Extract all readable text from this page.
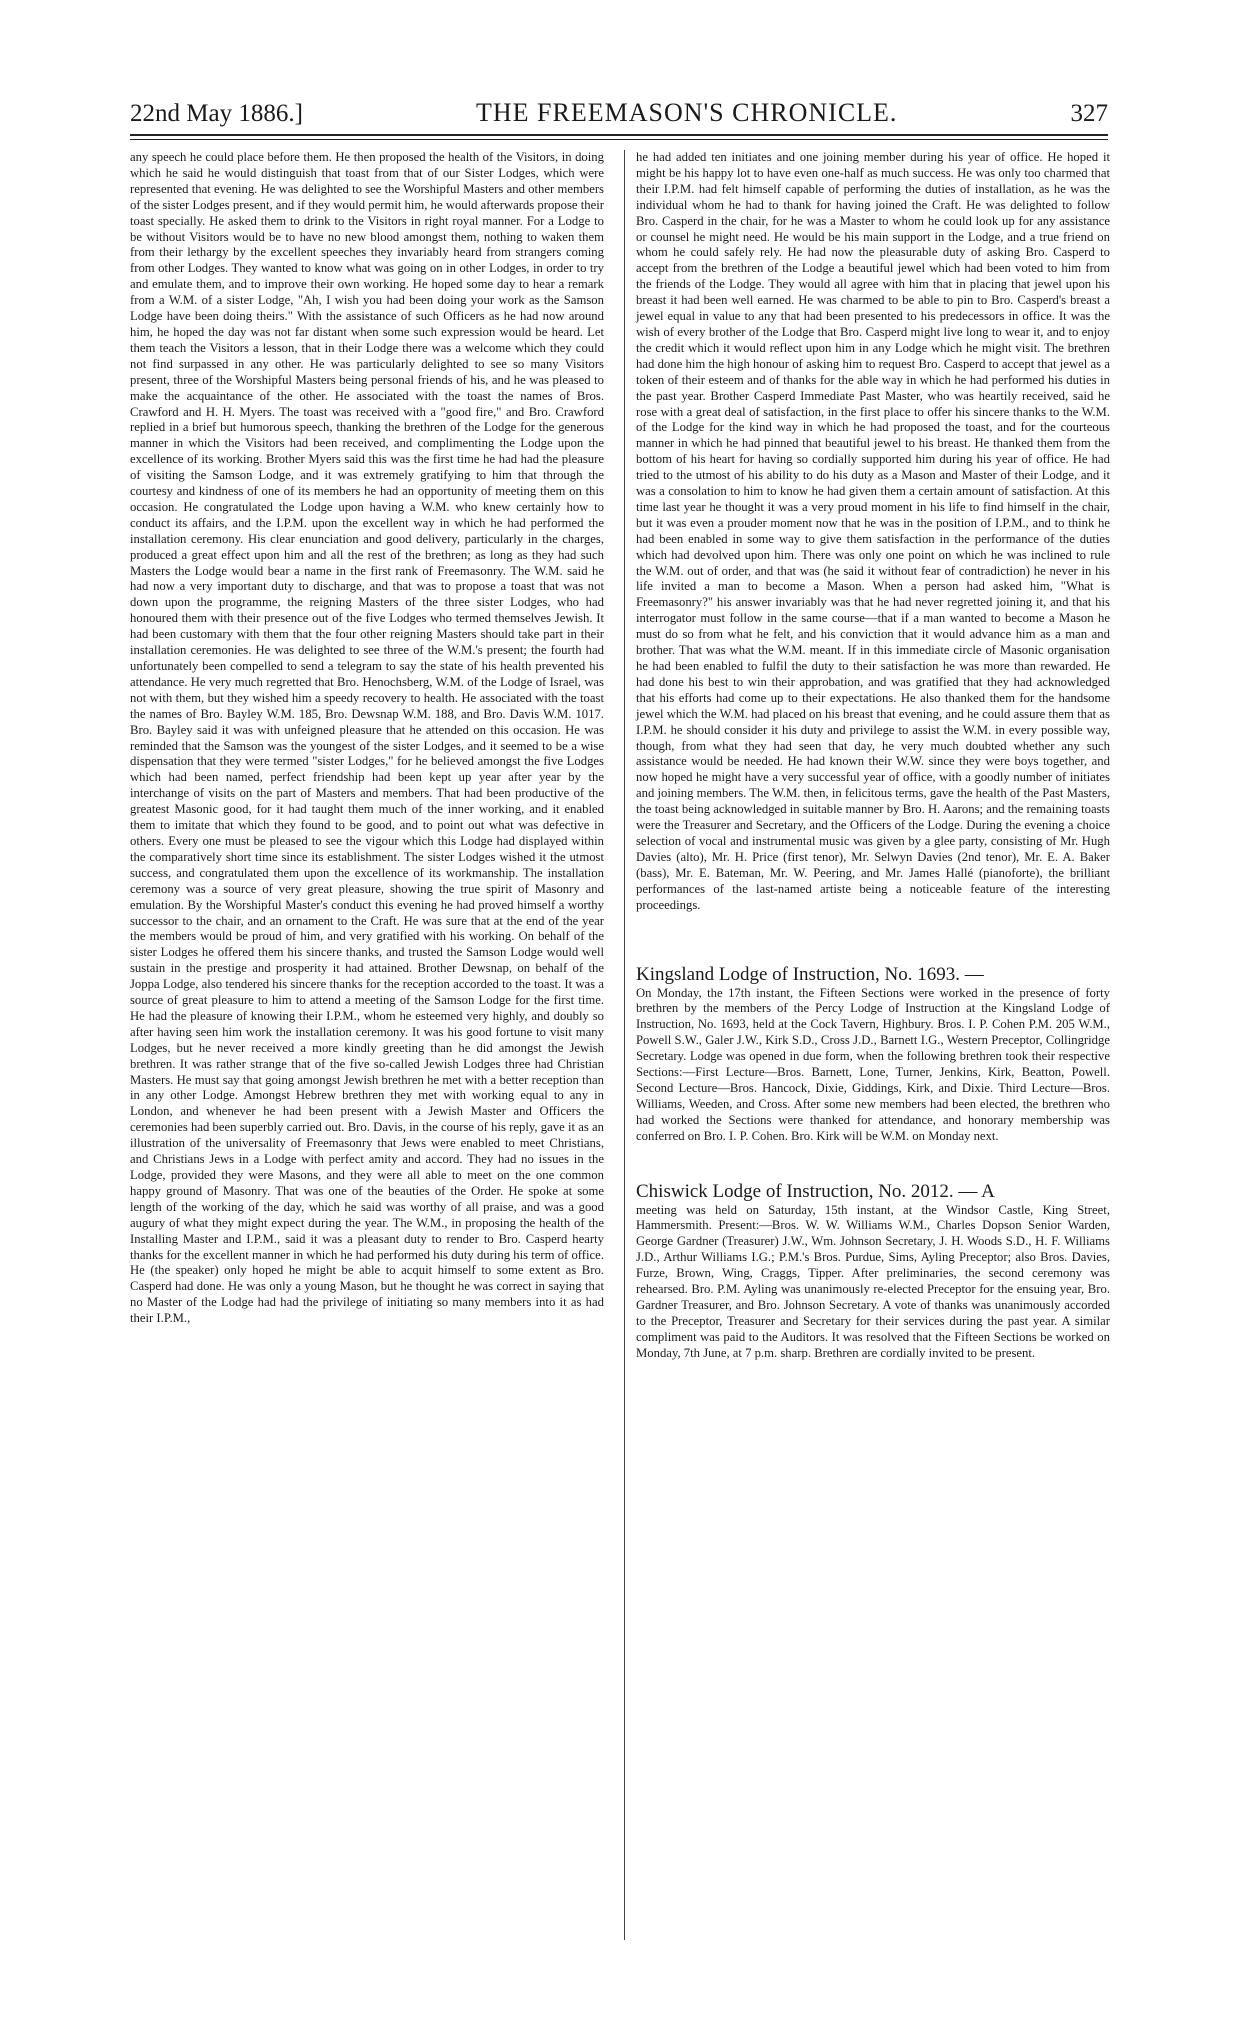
22nd May 1886.]	THE FREEMASON'S CHRONICLE.	327

any speech he could place before them. He then proposed the health of the Visitors, in doing which he said he would distinguish that toast from that of our Sister Lodges, which were represented that evening. He was delighted to see the Worshipful Masters and other members of the sister Lodges present, and if they would permit him, he would afterwards propose their toast specially. He asked them to drink to the Visitors in right royal manner. For a Lodge to be without Visitors would be to have no new blood amongst them, nothing to waken them from their lethargy by the excellent speeches they invariably heard from strangers coming from other Lodges. They wanted to know what was going on in other Lodges, in order to try and emulate them, and to improve their own working. He hoped some day to hear a remark from a W.M. of a sister Lodge, "Ah, I wish you had been doing your work as the Samson Lodge have been doing theirs." With the assistance of such Officers as he had now around him, he hoped the day was not far distant when some such expression would be heard. Let them teach the Visitors a lesson, that in their Lodge there was a welcome which they could not find surpassed in any other. He was particularly delighted to see so many Visitors present, three of the Worshipful Masters being personal friends of his, and he was pleased to make the acquaintance of the other. He associated with the toast the names of Bros. Crawford and H. H. Myers. The toast was received with a "good fire," and Bro. Crawford replied in a brief but humorous speech, thanking the brethren of the Lodge for the generous manner in which the Visitors had been received, and complimenting the Lodge upon the excellence of its working. Brother Myers said this was the first time he had had the pleasure of visiting the Samson Lodge, and it was extremely gratifying to him that through the courtesy and kindness of one of its members he had an opportunity of meeting them on this occasion. He congratulated the Lodge upon having a W.M. who knew certainly how to conduct its affairs, and the I.P.M. upon the excellent way in which he had performed the installation ceremony. His clear enunciation and good delivery, particularly in the charges, produced a great effect upon him and all the rest of the brethren; as long as they had such Masters the Lodge would bear a name in the first rank of Freemasonry. The W.M. said he had now a very important duty to discharge, and that was to propose a toast that was not down upon the programme, the reigning Masters of the three sister Lodges, who had honoured them with their presence out of the five Lodges who termed themselves Jewish. It had been customary with them that the four other reigning Masters should take part in their installation ceremonies. He was delighted to see three of the W.M.'s present; the fourth had unfortunately been compelled to send a telegram to say the state of his health prevented his attendance. He very much regretted that Bro. Henochsberg, W.M. of the Lodge of Israel, was not with them, but they wished him a speedy recovery to health. He associated with the toast the names of Bro. Bayley W.M. 185, Bro. Dewsnap W.M. 188, and Bro. Davis W.M. 1017. Bro. Bayley said it was with unfeigned pleasure that he attended on this occasion. He was reminded that the Samson was the youngest of the sister Lodges, and it seemed to be a wise dispensation that they were termed "sister Lodges," for he believed amongst the five Lodges which had been named, perfect friendship had been kept up year after year by the interchange of visits on the part of Masters and members. That had been productive of the greatest Masonic good, for it had taught them much of the inner working, and it enabled them to imitate that which they found to be good, and to point out what was defective in others. Every one must be pleased to see the vigour which this Lodge had displayed within the comparatively short time since its establishment. The sister Lodges wished it the utmost success, and congratulated them upon the excellence of its workmanship. The installation ceremony was a source of very great pleasure, showing the true spirit of Masonry and emulation. By the Worshipful Master's conduct this evening he had proved himself a worthy successor to the chair, and an ornament to the Craft. He was sure that at the end of the year the members would be proud of him, and very gratified with his working. On behalf of the sister Lodges he offered them his sincere thanks, and trusted the Samson Lodge would well sustain in the prestige and prosperity it had attained. Brother Dewsnap, on behalf of the Joppa Lodge, also tendered his sincere thanks for the reception accorded to the toast. It was a source of great pleasure to him to attend a meeting of the Samson Lodge for the first time. He had the pleasure of knowing their I.P.M., whom he esteemed very highly, and doubly so after having seen him work the installation ceremony. It was his good fortune to visit many Lodges, but he never received a more kindly greeting than he did amongst the Jewish brethren. It was rather strange that of the five so-called Jewish Lodges three had Christian Masters. He must say that going amongst Jewish brethren he met with a better reception than in any other Lodge. Amongst Hebrew brethren they met with working equal to any in London, and whenever he had been present with a Jewish Master and Officers the ceremonies had been superbly carried out. Bro. Davis, in the course of his reply, gave it as an illustration of the universality of Freemasonry that Jews were enabled to meet Christians, and Christians Jews in a Lodge with perfect amity and accord. They had no issues in the Lodge, provided they were Masons, and they were all able to meet on the one common happy ground of Masonry. That was one of the beauties of the Order. He spoke at some length of the working of the day, which he said was worthy of all praise, and was a good augury of what they might expect during the year. The W.M., in proposing the health of the Installing Master and I.P.M., said it was a pleasant duty to render to Bro. Casperd hearty thanks for the excellent manner in which he had performed his duty during his term of office. He (the speaker) only hoped he might be able to acquit himself to some extent as Bro. Casperd had done. He was only a young Mason, but he thought he was correct in saying that no Master of the Lodge had had the privilege of initiating so many members into it as had their I.P.M.,

he had added ten initiates and one joining member during his year of office. He hoped it might be his happy lot to have even one-half as much success. He was only too charmed that their I.P.M. had felt himself capable of performing the duties of installation, as he was the individual whom he had to thank for having joined the Craft. He was delighted to follow Bro. Casperd in the chair, for he was a Master to whom he could look up for any assistance or counsel he might need. He would be his main support in the Lodge, and a true friend on whom he could safely rely. He had now the pleasurable duty of asking Bro. Casperd to accept from the brethren of the Lodge a beautiful jewel which had been voted to him from the friends of the Lodge. They would all agree with him that in placing that jewel upon his breast it had been well earned. He was charmed to be able to pin to Bro. Casperd's breast a jewel equal in value to any that had been presented to his predecessors in office. It was the wish of every brother of the Lodge that Bro. Casperd might live long to wear it, and to enjoy the credit which it would reflect upon him in any Lodge which he might visit. The brethren had done him the high honour of asking him to request Bro. Casperd to accept that jewel as a token of their esteem and of thanks for the able way in which he had performed his duties in the past year. Brother Casperd Immediate Past Master, who was heartily received, said he rose with a great deal of satisfaction, in the first place to offer his sincere thanks to the W.M. of the Lodge for the kind way in which he had proposed the toast, and for the courteous manner in which he had pinned that beautiful jewel to his breast. He thanked them from the bottom of his heart for having so cordially supported him during his year of office. He had tried to the utmost of his ability to do his duty as a Mason and Master of their Lodge, and it was a consolation to him to know he had given them a certain amount of satisfaction. At this time last year he thought it was a very proud moment in his life to find himself in the chair, but it was even a prouder moment now that he was in the position of I.P.M., and to think he had been enabled in some way to give them satisfaction in the performance of the duties which had devolved upon him. There was only one point on which he was inclined to rule the W.M. out of order, and that was (he said it without fear of contradiction) he never in his life invited a man to become a Mason. When a person had asked him, "What is Freemasonry?" his answer invariably was that he had never regretted joining it, and that his interrogator must follow in the same course—that if a man wanted to become a Mason he must do so from what he felt, and his conviction that it would advance him as a man and brother. That was what the W.M. meant. If in this immediate circle of Masonic organisation he had been enabled to fulfil the duty to their satisfaction he was more than rewarded. He had done his best to win their approbation, and was gratified that they had acknowledged that his efforts had come up to their expectations. He also thanked them for the handsome jewel which the W.M. had placed on his breast that evening, and he could assure them that as I.P.M. he should consider it his duty and privilege to assist the W.M. in every possible way, though, from what they had seen that day, he very much doubted whether any such assistance would be needed. He had known their W.W. since they were boys together, and now hoped he might have a very successful year of office, with a goodly number of initiates and joining members. The W.M. then, in felicitous terms, gave the health of the Past Masters, the toast being acknowledged in suitable manner by Bro. H. Aarons; and the remaining toasts were the Treasurer and Secretary, and the Officers of the Lodge. During the evening a choice selection of vocal and instrumental music was given by a glee party, consisting of Mr. Hugh Davies (alto), Mr. H. Price (first tenor), Mr. Selwyn Davies (2nd tenor), Mr. E. A. Baker (bass), Mr. E. Bateman, Mr. W. Peering, and Mr. James Hallé (pianoforte), the brilliant performances of the last-named artiste being a noticeable feature of the interesting proceedings.

Kingsland Lodge of Instruction, No. 1693. —

On Monday, the 17th instant, the Fifteen Sections were worked in the presence of forty brethren by the members of the Percy Lodge of Instruction at the Kingsland Lodge of Instruction, No. 1693, held at the Cock Tavern, Highbury. Bros. I. P. Cohen P.M. 205 W.M., Powell S.W., Galer J.W., Kirk S.D., Cross J.D., Barnett I.G., Western Preceptor, Collingridge Secretary. Lodge was opened in due form, when the following brethren took their respective Sections:—First Lecture—Bros. Barnett, Lone, Turner, Jenkins, Kirk, Beatton, Powell. Second Lecture—Bros. Hancock, Dixie, Giddings, Kirk, and Dixie. Third Lecture—Bros. Williams, Weeden, and Cross. After some new members had been elected, the brethren who had worked the Sections were thanked for attendance, and honorary membership was conferred on Bro. I. P. Cohen. Bro. Kirk will be W.M. on Monday next.

Chiswick Lodge of Instruction, No. 2012. — A

meeting was held on Saturday, 15th instant, at the Windsor Castle, King Street, Hammersmith. Present:—Bros. W. W. Williams W.M., Charles Dopson Senior Warden, George Gardner (Treasurer) J.W., Wm. Johnson Secretary, J. H. Woods S.D., H. F. Williams J.D., Arthur Williams I.G.; P.M.'s Bros. Purdue, Sims, Ayling Preceptor; also Bros. Davies, Furze, Brown, Wing, Craggs, Tipper. After preliminaries, the second ceremony was rehearsed. Bro. P.M. Ayling was unanimously re-elected Preceptor for the ensuing year, Bro. Gardner Treasurer, and Bro. Johnson Secretary. A vote of thanks was unanimously accorded to the Preceptor, Treasurer and Secretary for their services during the past year. A similar compliment was paid to the Auditors. It was resolved that the Fifteen Sections be worked on Monday, 7th June, at 7 p.m. sharp. Brethren are cordially invited to be present.
